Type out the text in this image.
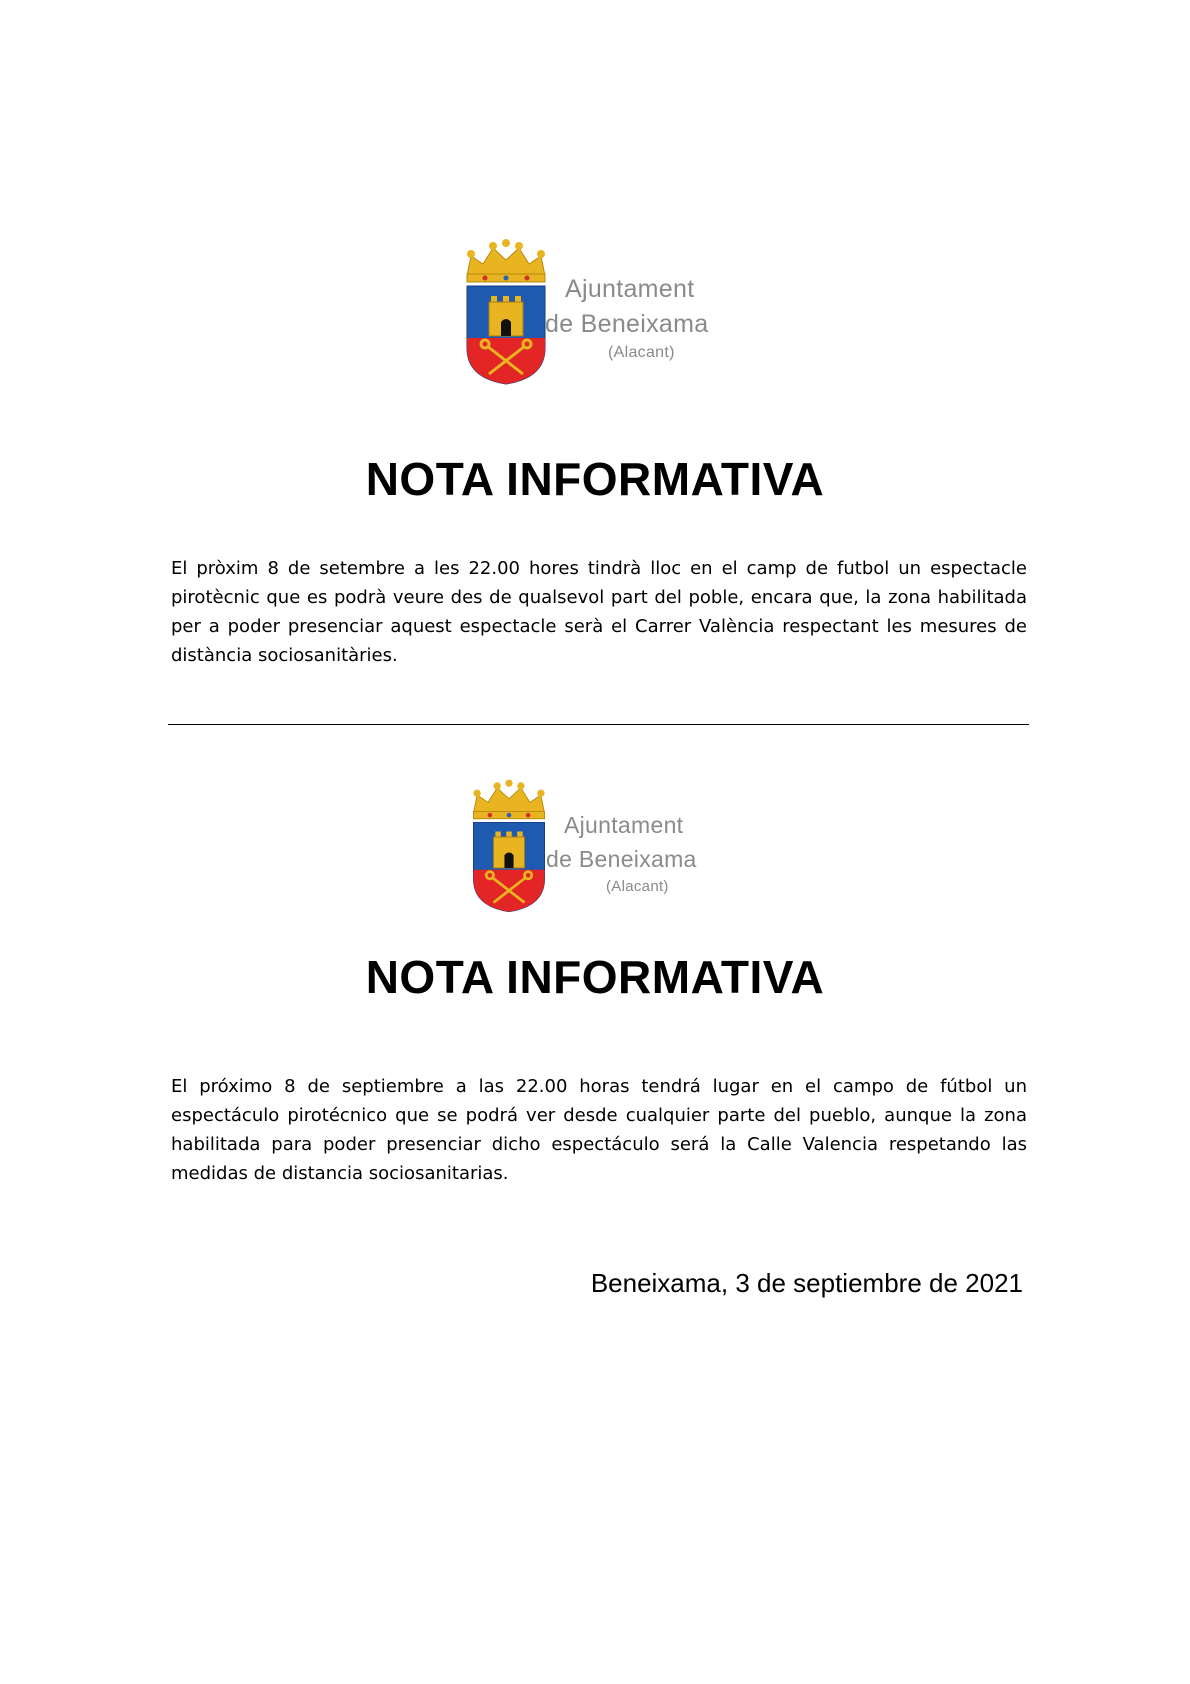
Ajuntament
de Beneixama
(Alacant)
NOTA INFORMATIVA

El pròxim 8 de setembre a les 22.00 hores tindrà lloc en el camp de futbol un espectacle pirotècnic que es podrà veure des de qualsevol part del poble, encara que, la zona habilitada per a poder presenciar aquest espectacle serà el Carrer València respectant les mesures de distància sociosanitàries.

Ajuntament
de Beneixama
(Alacant)
NOTA INFORMATIVA

El próximo 8 de septiembre a las 22.00 horas tendrá lugar en el campo de fútbol un espectáculo pirotécnico que se podrá ver desde cualquier parte del pueblo, aunque la zona habilitada para poder presenciar dicho espectáculo será la Calle Valencia respetando las medidas de distancia sociosanitarias.

Beneixama, 3 de septiembre de 2021
